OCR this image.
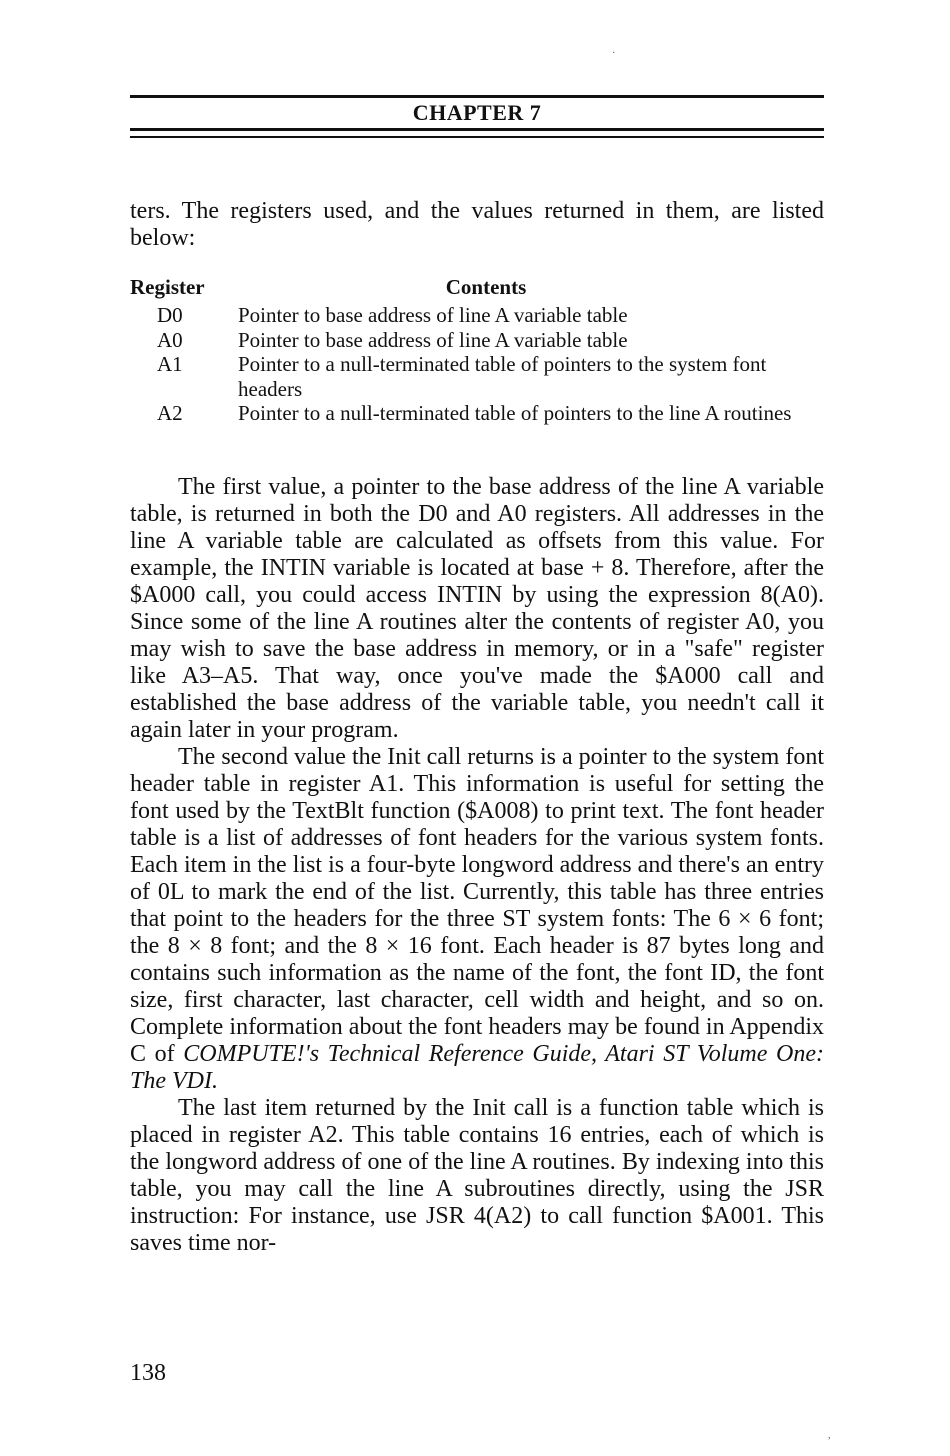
CHAPTER 7

ters. The registers used, and the values returned in them, are listed below:

Register	Contents
D0	Pointer to base address of line A variable table
A0	Pointer to base address of line A variable table
A1	Pointer to a null-terminated table of pointers to the system font headers
A2	Pointer to a null-terminated table of pointers to the line A routines

The first value, a pointer to the base address of the line A variable table, is returned in both the D0 and A0 registers. All addresses in the line A variable table are calculated as offsets from this value. For example, the INTIN variable is located at base + 8. Therefore, after the $A000 call, you could access INTIN by using the expression 8(A0). Since some of the line A routines alter the contents of register A0, you may wish to save the base address in memory, or in a "safe" register like A3–A5. That way, once you've made the $A000 call and established the base address of the variable table, you needn't call it again later in your program.

The second value the Init call returns is a pointer to the system font header table in register A1. This information is useful for setting the font used by the TextBlt function ($A008) to print text. The font header table is a list of addresses of font headers for the various system fonts. Each item in the list is a four-byte longword address and there's an entry of 0L to mark the end of the list. Currently, this table has three entries that point to the headers for the three ST system fonts: The 6 × 6 font; the 8 × 8 font; and the 8 × 16 font. Each header is 87 bytes long and contains such information as the name of the font, the font ID, the font size, first character, last character, cell width and height, and so on. Complete information about the font headers may be found in Appendix C of COMPUTE!'s Technical Reference Guide, Atari ST Volume One: The VDI.

The last item returned by the Init call is a function table which is placed in register A2. This table contains 16 entries, each of which is the longword address of one of the line A routines. By indexing into this table, you may call the line A subroutines directly, using the JSR instruction: For instance, use JSR 4(A2) to call function $A001. This saves time nor-

138
·
,
